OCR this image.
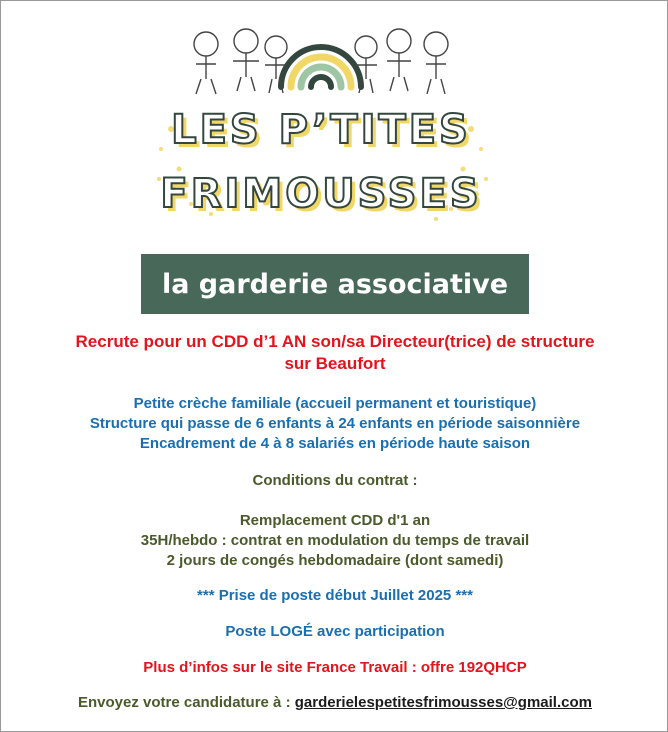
LES P’TITES
FRIMOUSSES
la garderie associative

Recrute pour un CDD d’1 AN son/sa Directeur(trice) de structure

sur Beaufort

Petite crèche familiale (accueil permanent et touristique)

Structure qui passe de 6 enfants à 24 enfants en période saisonnière

Encadrement de 4 à 8 salariés en période haute saison

Conditions du contrat :

Remplacement CDD d'1 an

35H/hebdo : contrat en modulation du temps de travail

2 jours de congés hebdomadaire (dont samedi)

*** Prise de poste début Juillet 2025 ***

Poste LOGÉ avec participation

Plus d’infos sur le site France Travail : offre 192QHCP

Envoyez votre candidature à : garderielespetitesfrimousses@gmail.com
